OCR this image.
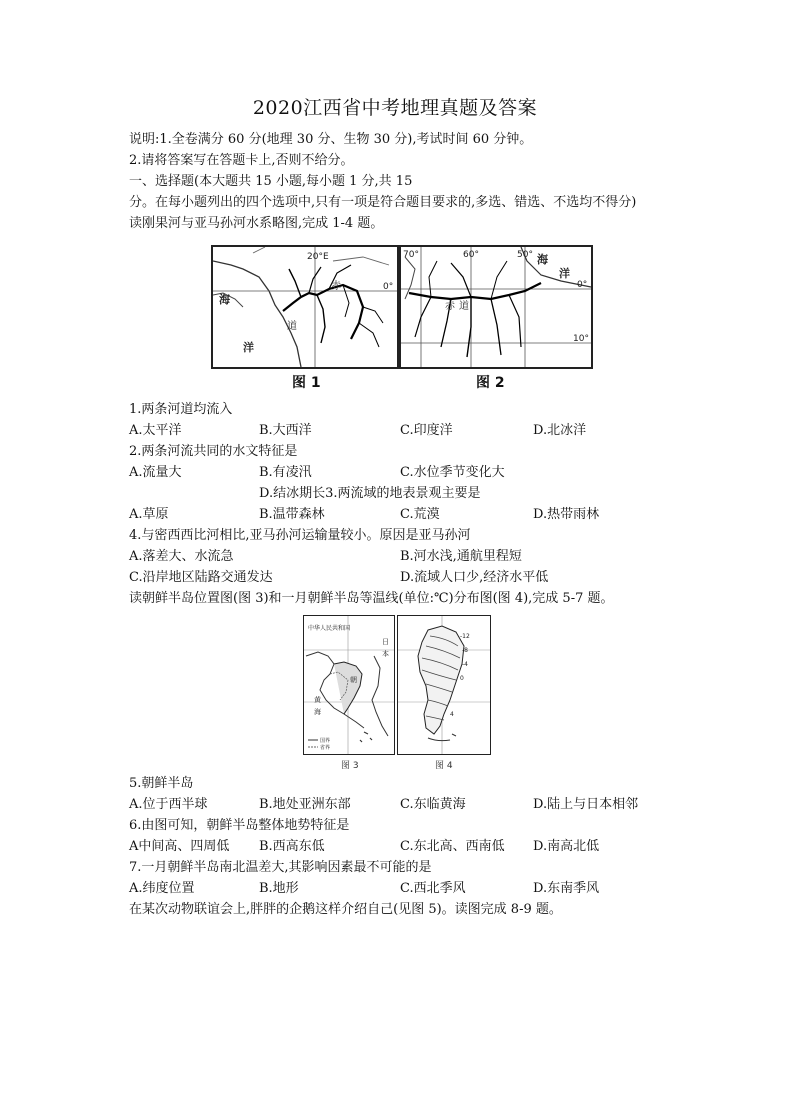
2020江西省中考地理真题及答案
说明:1.全卷满分 60 分(地理 30 分、生物 30 分),考试时间 60 分钟。
2.请将答案写在答题卡上,否则不给分。
一、选择题(本大题共 15 小题,每小题 1 分,共 15
分。在每小题列出的四个选项中,只有一项是符合题目要求的,多选、错选、不选均不得分)
读刚果河与亚马孙河水系略图,完成 1-4 题。
20°E
0°
海
洋
赤
道
70°	60°	50°
0°
10°
海
洋
赤 道
图 1	图 2
1.两条河道均流入
A.太平洋	B.大西洋	C.印度洋	D.北冰洋
2.两条河流共同的水文特征是
A.流量大	B.有凌汛	C.水位季节变化大
D.结冰期长3.两流域的地表景观主要是
A.草原	B.温带森林	C.荒漠	D.热带雨林
4.与密西西比河相比,亚马孙河运输量较小。原因是亚马孙河
A.落差大、水流急	B.河水浅,通航里程短
C.沿岸地区陆路交通发达	D.流域人口少,经济水平低
读朝鲜半岛位置图(图 3)和一月朝鲜半岛等温线(单位:℃)分布图(图 4),完成 5-7 题。
中华人民共和国
日
本
黄
海
朝
国界
省界
0
-4
-8
-12
4
图 3	图 4
5.朝鲜半岛
A.位于西半球	B.地处亚洲东部	C.东临黄海	D.陆上与日本相邻
6.由图可知，朝鲜半岛整体地势特征是
A中间高、四周低 B.西高东低	C.东北高、西南低 D.南高北低
7.一月朝鲜半岛南北温差大,其影响因素最不可能的是
A.纬度位置	B.地形	C.西北季风	D.东南季风
在某次动物联谊会上,胖胖的企鹅这样介绍自己(见图 5)。读图完成 8-9 题。
